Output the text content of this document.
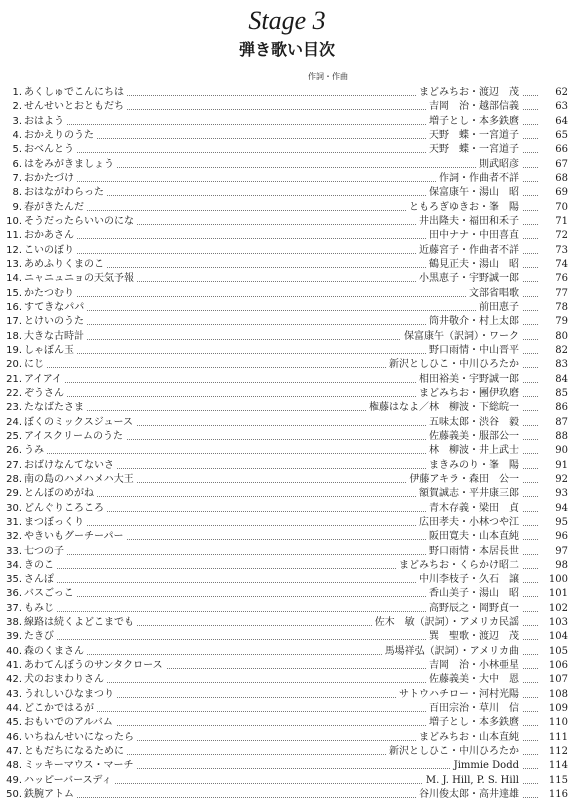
Stage 3
弾き歌い目次
作詞・作曲
1. あくしゅでこんにちは	まどみちお・渡辺　茂	62
2. せんせいとおともだち	吉岡　治・越部信義	63
3. おはよう	増子とし・本多鉄麿	64
4. おかえりのうた	天野　蝶・一宮道子	65
5. おべんとう	天野　蝶・一宮道子	66
6. はをみがきましょう	則武昭彦	67
7. おかたづけ	作詞・作曲者不詳	68
8. おはながわらった	保富康午・湯山　昭	69
9. 春がきたんだ	ともろぎゆきお・峯　陽	70
10. そうだったらいいのにな	井出隆夫・福田和禾子	71
11. おかあさん	田中ナナ・中田喜直	72
12. こいのぼり	近藤宮子・作曲者不詳	73
13. あめふりくまのこ	鶴見正夫・湯山　昭	74
14. ニャニュニョの天気予報	小黒恵子・宇野誠一郎	76
15. かたつむり	文部省唱歌	77
16. すてきなパパ	前田恵子	78
17. とけいのうた	筒井敬介・村上太郎	79
18. 大きな古時計	保富康午（訳詞）・ワーク	80
19. しゃぼん玉	野口雨情・中山晋平	82
20. にじ	新沢としひこ・中川ひろたか	83
21. アイアイ	相田裕美・宇野誠一郎	84
22. ぞうさん	まどみちお・團伊玖磨	85
23. たなばたさま	権藤はなよ／林　柳波・下総皖一	86
24. ぼくのミックスジュース	五味太郎・渋谷　毅	87
25. アイスクリームのうた	佐藤義美・服部公一	88
26. うみ	林　柳波・井上武士	90
27. おばけなんてないさ	まきみのり・峯　陽	91
28. 南の島のハメハメハ大王	伊藤アキラ・森田　公一	92
29. とんぼのめがね	額賀誠志・平井康三郎	93
30. どんぐりころころ	青木存義・梁田　貞	94
31. まつぼっくり	広田孝夫・小林つや江	95
32. やきいもグーチーパー	阪田寛夫・山本直純	96
33. 七つの子	野口雨情・本居長世	97
34. きのこ	まどみちお・くらかけ昭二	98
35. さんぽ	中川李枝子・久石　譲	100
36. バスごっこ	香山美子・湯山　昭	101
37. もみじ	高野辰之・岡野貞一	102
38. 線路は続くよどこまでも	佐木　敏（訳詞）・アメリカ民謡	103
39. たきび	巽　聖歌・渡辺　茂	104
40. 森のくまさん	馬場祥弘（訳詞）・アメリカ曲	105
41. あわてんぼうのサンタクロース	吉岡　治・小林亜星	106
42. 犬のおまわりさん	佐藤義美・大中　恩	107
43. うれしいひなまつり	サトウハチロー・河村光陽	108
44. どこかではるが	百田宗治・草川　信	109
45. おもいでのアルバム	増子とし・本多鉄麿	110
46. いちねんせいになったら	まどみちお・山本直純	111
47. ともだちになるために	新沢としひこ・中川ひろたか	112
48. ミッキーマウス・マーチ	Jimmie Dodd	114
49. ハッピーバースディ	M. J. Hill, P. S. Hill	115
50. 鉄腕アトム	谷川俊太郎・高井達雄	116
